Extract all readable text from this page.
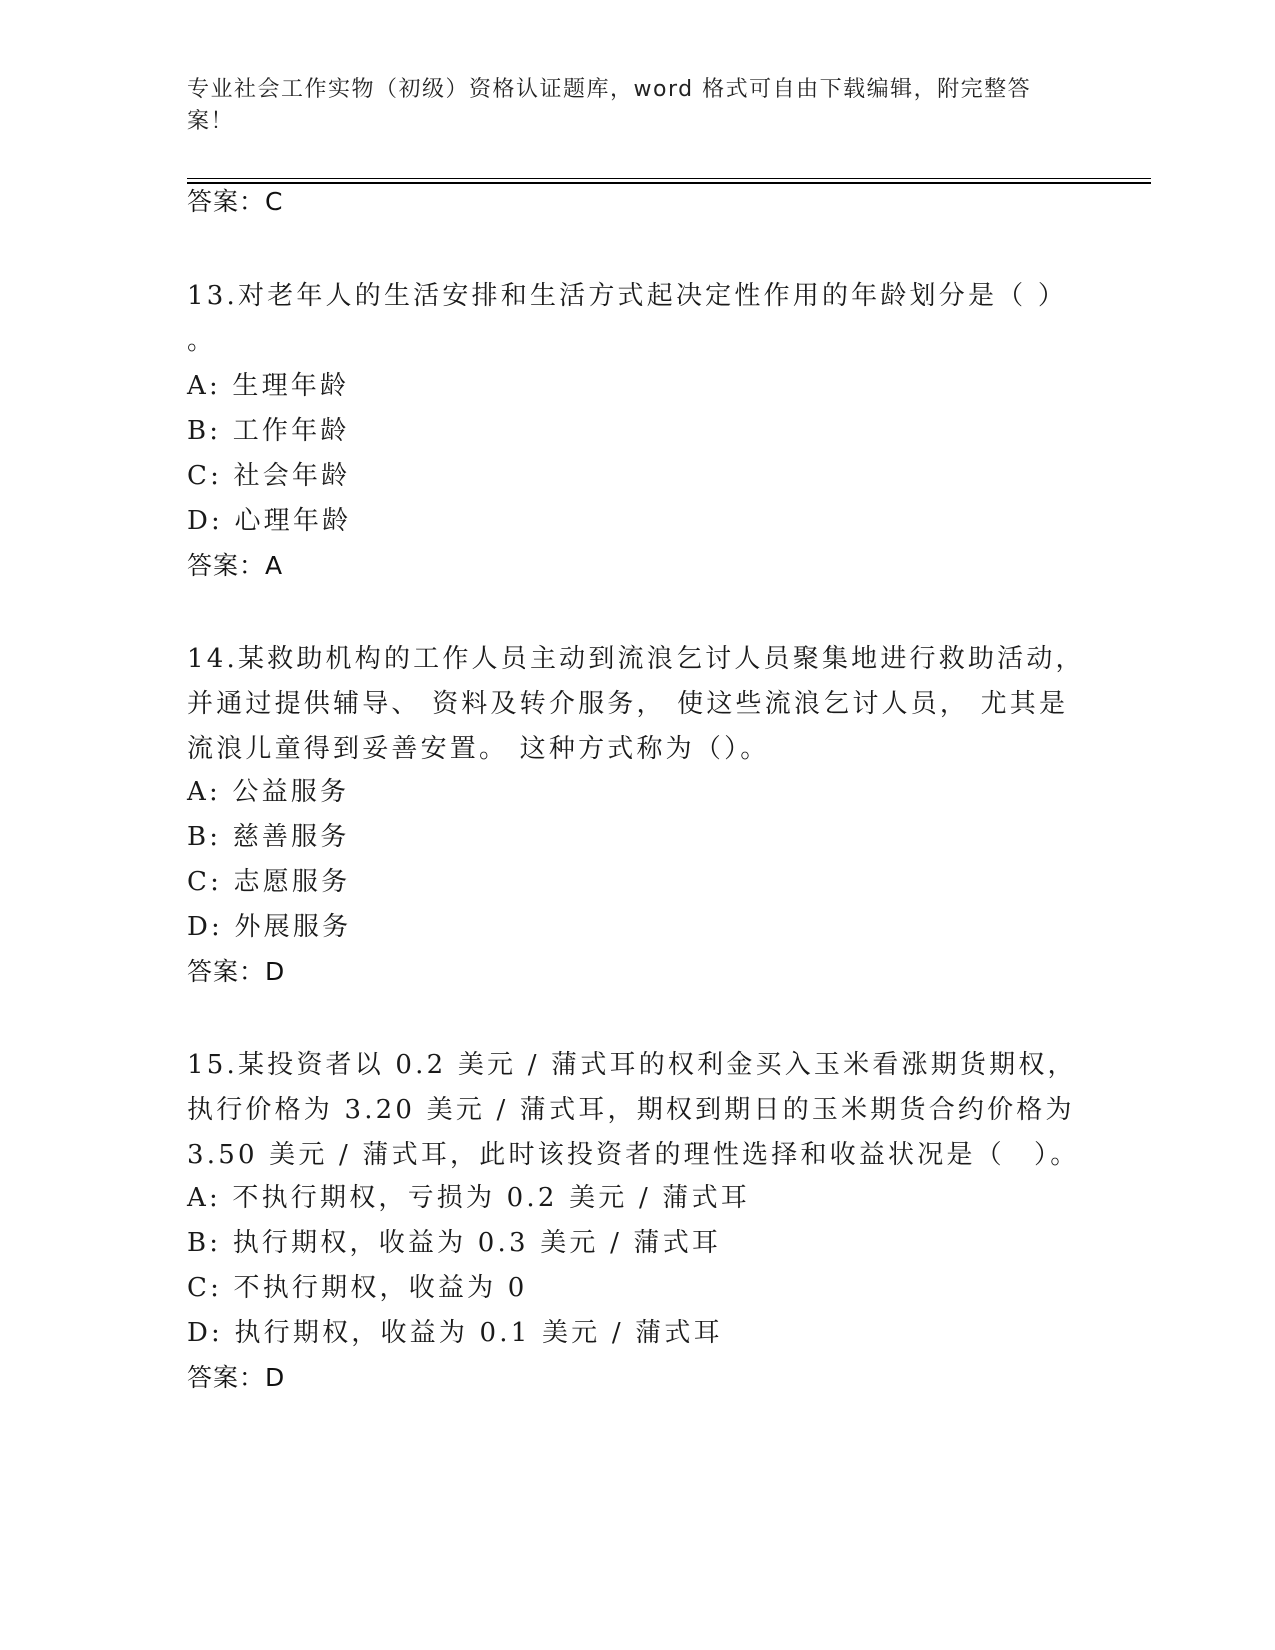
专业社会工作实物（初级）资格认证题库，word 格式可自由下载编辑，附完整答案！
答案：C
13.对老年人的生活安排和生活方式起决定性作用的年龄划分是（ ）
。
A: 生理年龄
B: 工作年龄
C: 社会年龄
D: 心理年龄
答案：A
14.某救助机构的工作人员主动到流浪乞讨人员聚集地进行救助活动，并通过提供辅导、 资料及转介服务， 使这些流浪乞讨人员， 尤其是流浪儿童得到妥善安置。 这种方式称为（）。
A: 公益服务
B: 慈善服务
C: 志愿服务
D: 外展服务
答案：D
15.某投资者以 0.2 美元 / 蒲式耳的权利金买入玉米看涨期货期权，执行价格为 3.20 美元 / 蒲式耳，期权到期日的玉米期货合约价格为 3.50 美元 / 蒲式耳，此时该投资者的理性选择和收益状况是（　）。
A: 不执行期权，亏损为 0.2 美元 / 蒲式耳
B: 执行期权，收益为 0.3 美元 / 蒲式耳
C: 不执行期权，收益为 0
D: 执行期权，收益为 0.1 美元 / 蒲式耳
答案：D
